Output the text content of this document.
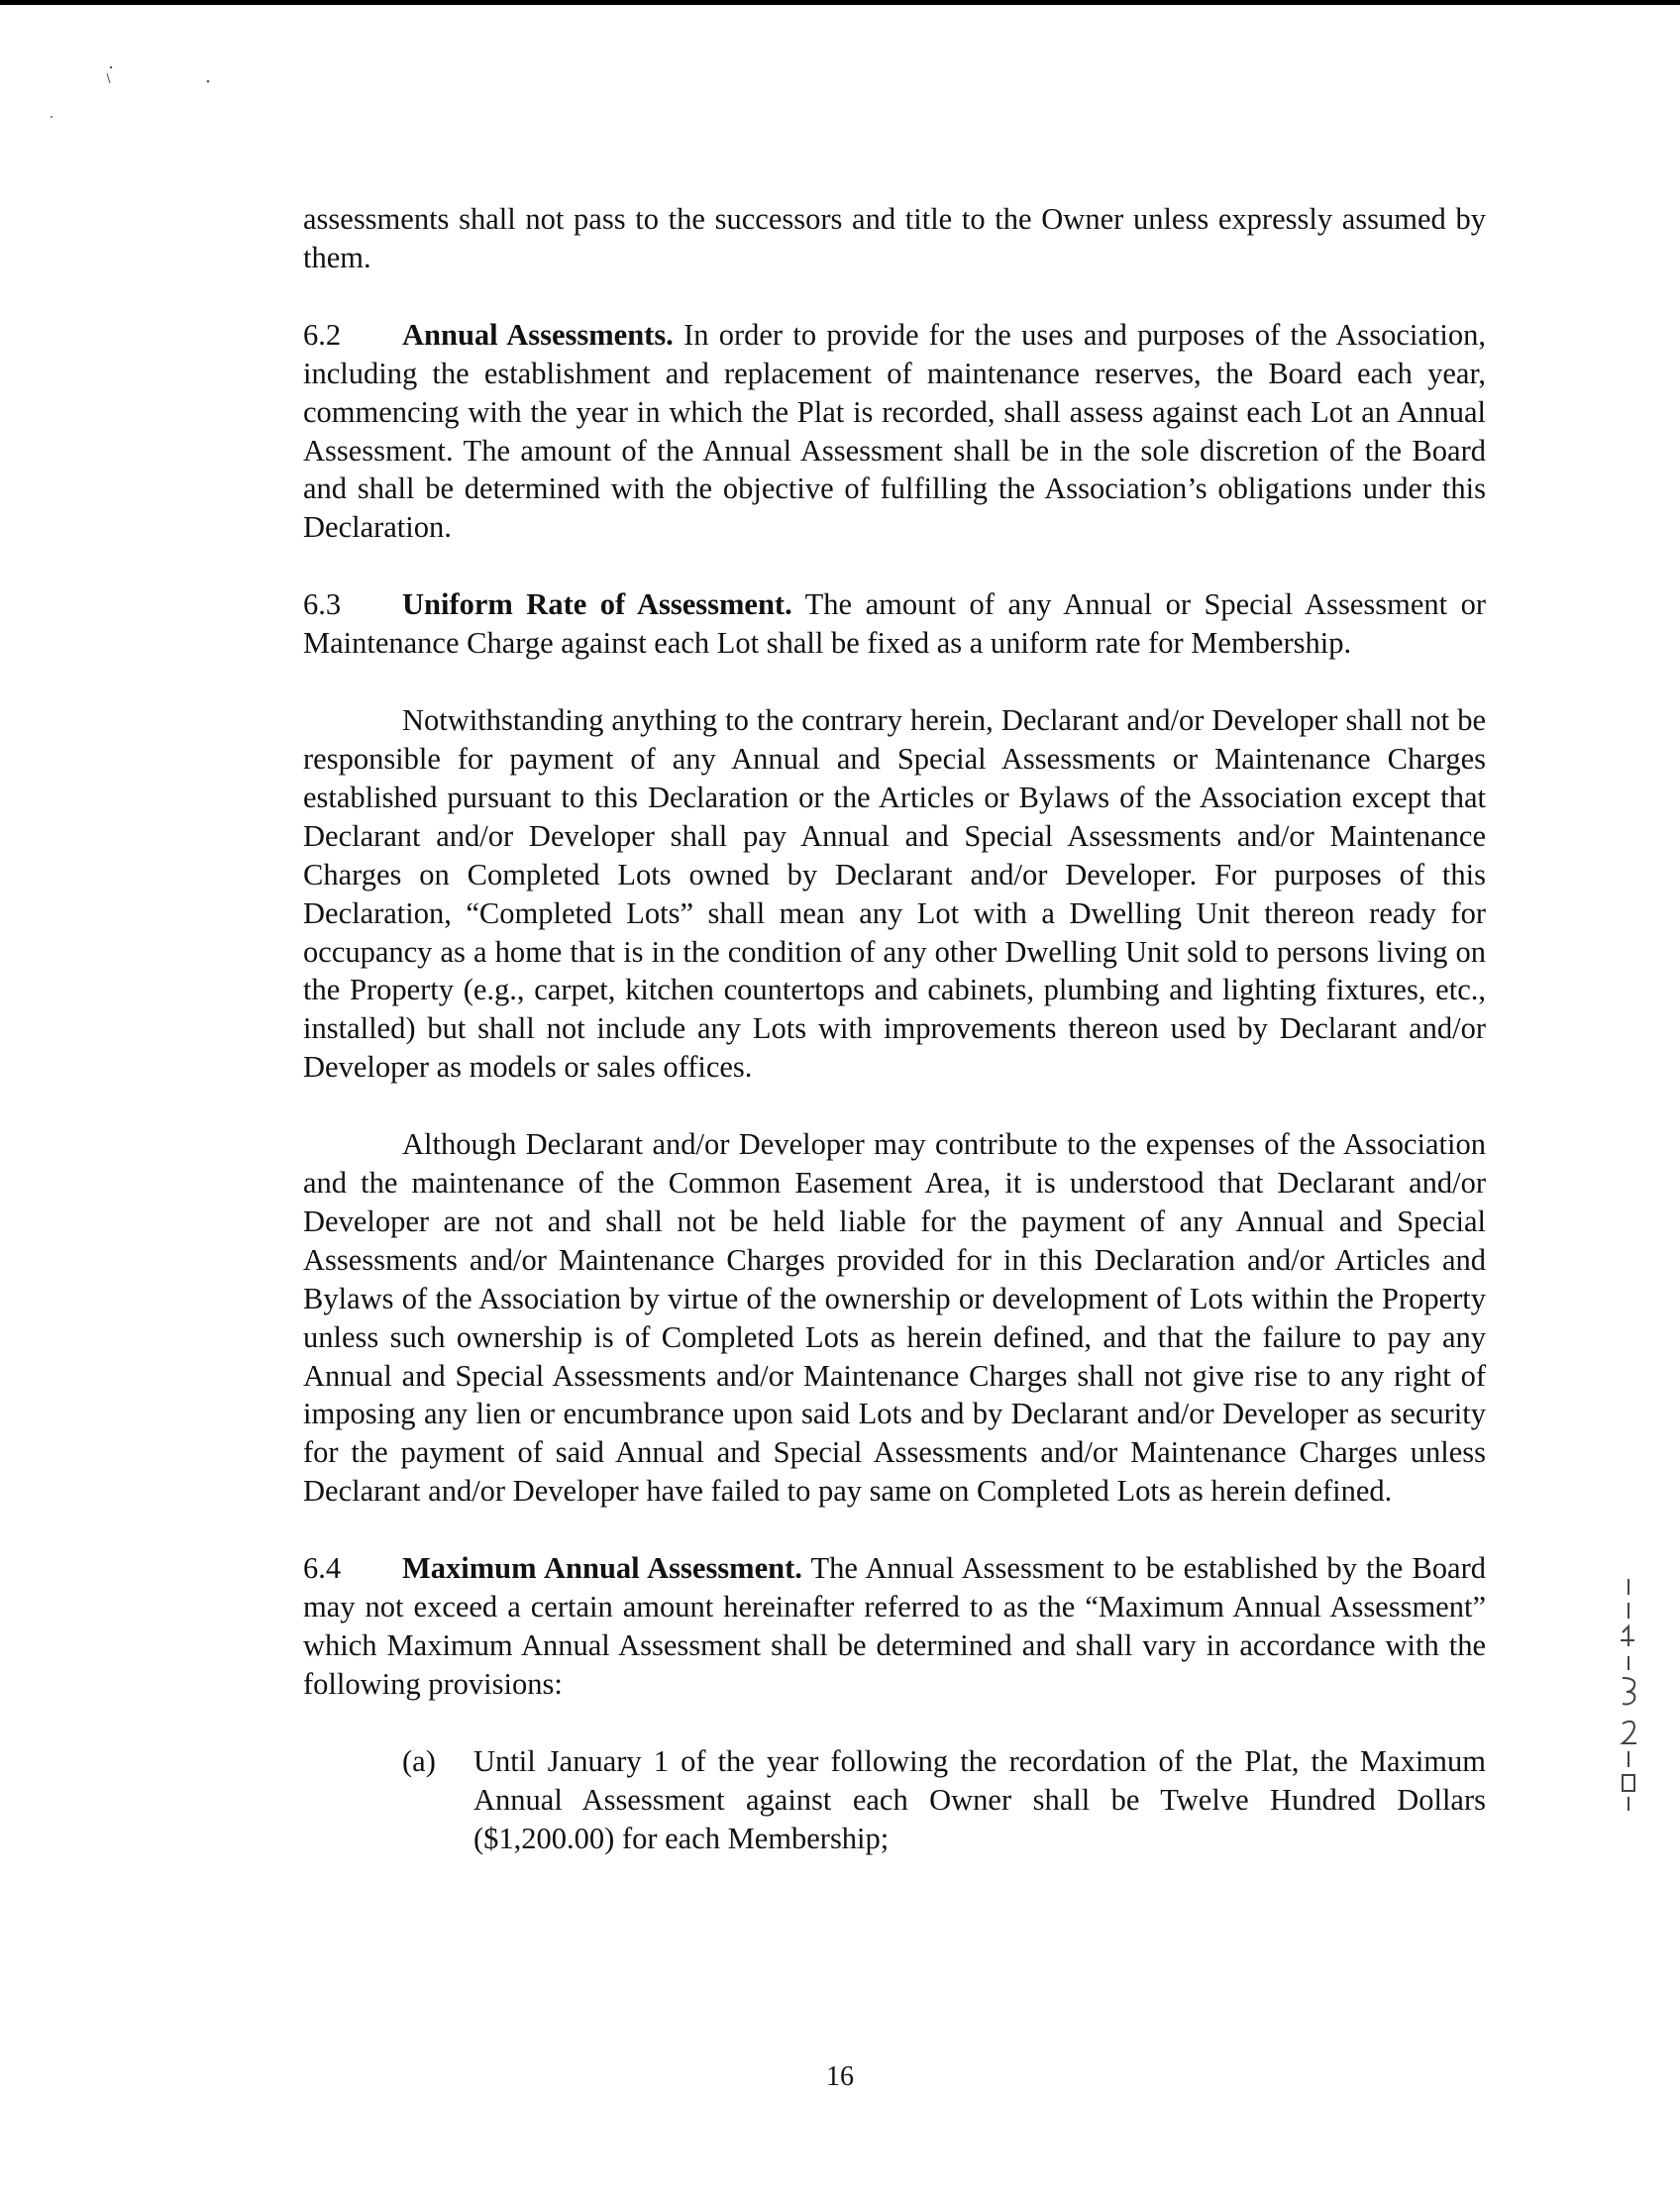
assessments shall not pass to the successors and title to the Owner unless expressly assumed by them.

6.2 Annual Assessments. In order to provide for the uses and purposes of the Association, including the establishment and replacement of maintenance reserves, the Board each year, commencing with the year in which the Plat is recorded, shall assess against each Lot an Annual Assessment. The amount of the Annual Assessment shall be in the sole discretion of the Board and shall be determined with the objective of fulfilling the Association’s obligations under this Declaration.

6.3 Uniform Rate of Assessment. The amount of any Annual or Special Assessment or Maintenance Charge against each Lot shall be fixed as a uniform rate for Membership.

Notwithstanding anything to the contrary herein, Declarant and/or Developer shall not be responsible for payment of any Annual and Special Assessments or Maintenance Charges established pursuant to this Declaration or the Articles or Bylaws of the Association except that Declarant and/or Developer shall pay Annual and Special Assessments and/or Maintenance Charges on Completed Lots owned by Declarant and/or Developer. For purposes of this Declaration, “Completed Lots” shall mean any Lot with a Dwelling Unit thereon ready for occupancy as a home that is in the condition of any other Dwelling Unit sold to persons living on the Property (e.g., carpet, kitchen countertops and cabinets, plumbing and lighting fixtures, etc., installed) but shall not include any Lots with improvements thereon used by Declarant and/or Developer as models or sales offices.

Although Declarant and/or Developer may contribute to the expenses of the Association and the maintenance of the Common Easement Area, it is understood that Declarant and/or Developer are not and shall not be held liable for the payment of any Annual and Special Assessments and/or Maintenance Charges provided for in this Declaration and/or Articles and Bylaws of the Association by virtue of the ownership or development of Lots within the Property unless such ownership is of Completed Lots as herein defined, and that the failure to pay any Annual and Special Assessments and/or Maintenance Charges shall not give rise to any right of imposing any lien or encumbrance upon said Lots and by Declarant and/or Developer as security for the payment of said Annual and Special Assessments and/or Maintenance Charges unless Declarant and/or Developer have failed to pay same on Completed Lots as herein defined.

6.4 Maximum Annual Assessment. The Annual Assessment to be established by the Board may not exceed a certain amount hereinafter referred to as the “Maximum Annual Assessment” which Maximum Annual Assessment shall be determined and shall vary in accordance with the following provisions:

(a)	Until January 1 of the year following the recordation of the Plat, the Maximum Annual Assessment against each Owner shall be Twelve Hundred Dollars ($1,200.00) for each Membership;
16
